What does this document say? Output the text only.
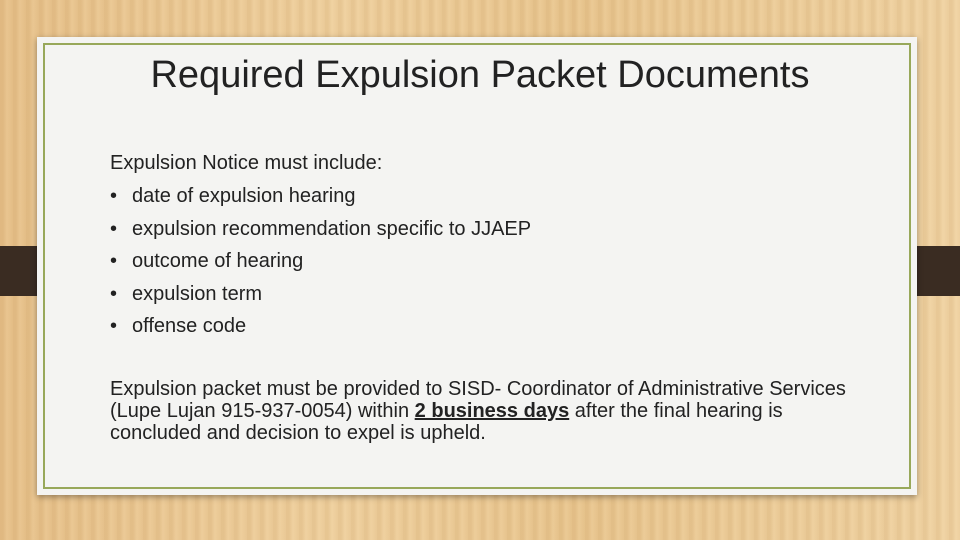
Required Expulsion Packet Documents

Expulsion Notice must include:

• date of expulsion hearing
• expulsion recommendation specific to JJAEP
• outcome of hearing
• expulsion term
• offense code

Expulsion packet must be provided to SISD- Coordinator of Administrative Services (Lupe Lujan 915-937-0054) within 2 business days after the final hearing is concluded and decision to expel is upheld.
